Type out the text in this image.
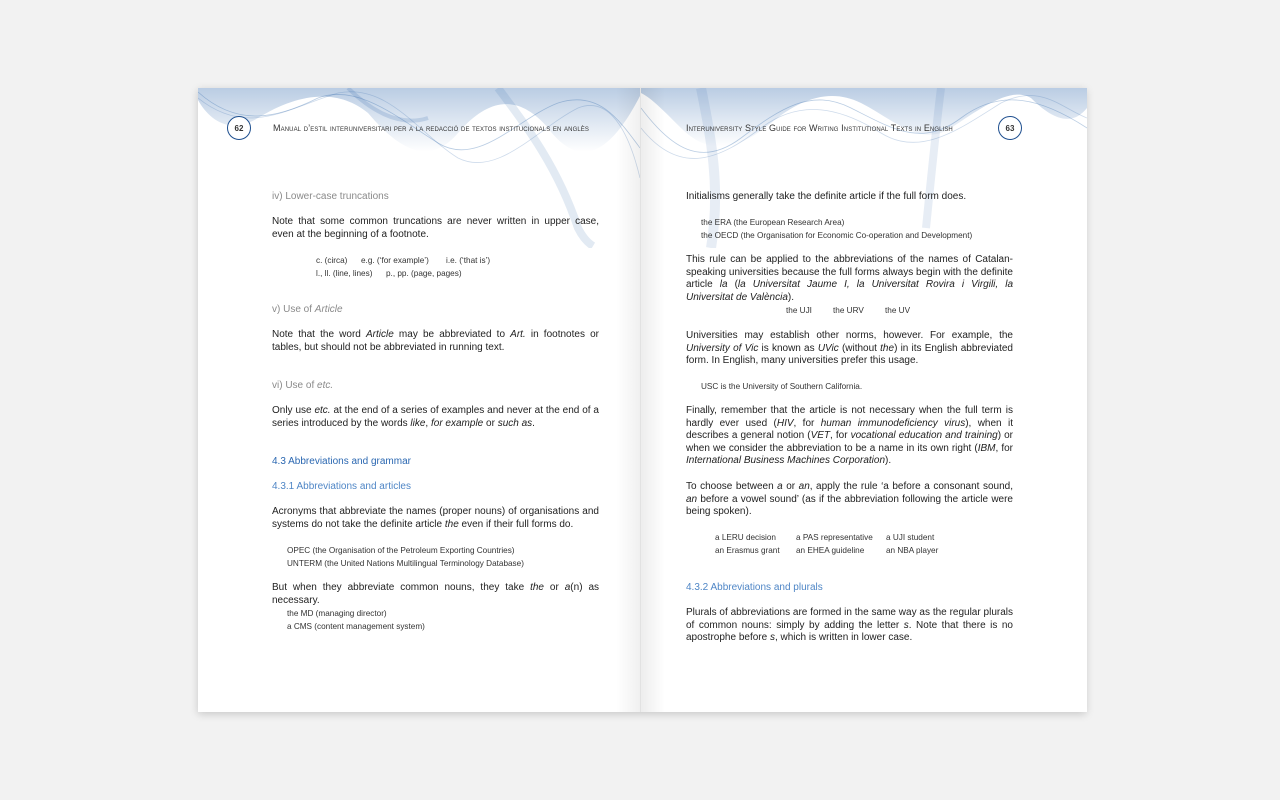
62	Manual d’estil interuniversitari per a la redacció de textos institucionals en anglès
iv) Lower-case truncations

Note that some common truncations are never written in upper case, even at the beginning of a footnote.

c. (circa)	e.g. (‘for example’)	i.e. (‘that is’)
l., ll. (line, lines)	p., pp. (page, pages)
v) Use of Article

Note that the word Article may be abbreviated to Art. in footnotes or tables, but should not be abbreviated in running text.

vi) Use of etc.

Only use etc. at the end of a series of examples and never at the end of a series introduced by the words like, for example or such as.

4.3 Abbreviations and grammar
4.3.1 Abbreviations and articles

Acronyms that abbreviate the names (proper nouns) of organisations and systems do not take the definite article the even if their full forms do.

OPEC (the Organisation of the Petroleum Exporting Countries)
UNTERM (the United Nations Multilingual Terminology Database)

But when they abbreviate common nouns, they take the or a(n) as necessary.

the MD (managing director)
a CMS (content management system)
Interuniversity Style Guide for Writing Institutional Texts in English	63

Initialisms generally take the definite article if the full form does.

the ERA (the European Research Area)
the OECD (the Organisation for Economic Co-operation and Development)

This rule can be applied to the abbreviations of the names of Catalan-speaking universities because the full forms always begin with the definite article la (la Universitat Jaume I, la Universitat Rovira i Virgili, la Universitat de València).

the UJI	the URV	the UV

Universities may establish other norms, however. For example, the University of Vic is known as UVic (without the) in its English abbreviated form. In English, many universities prefer this usage.

USC is the University of Southern California.

Finally, remember that the article is not necessary when the full term is hardly ever used (HIV, for human immunodeficiency virus), when it describes a general notion (VET, for vocational education and training) or when we consider the abbreviation to be a name in its own right (IBM, for International Business Machines Corporation).

To choose between a or an, apply the rule ‘a before a consonant sound, an before a vowel sound’ (as if the abbreviation following the article were being spoken).

a LERU decision	a PAS representative	a UJI student
an Erasmus grant	an EHEA guideline	an NBA player
4.3.2 Abbreviations and plurals

Plurals of abbreviations are formed in the same way as the regular plurals of common nouns: simply by adding the letter s. Note that there is no apostrophe before s, which is written in lower case.
